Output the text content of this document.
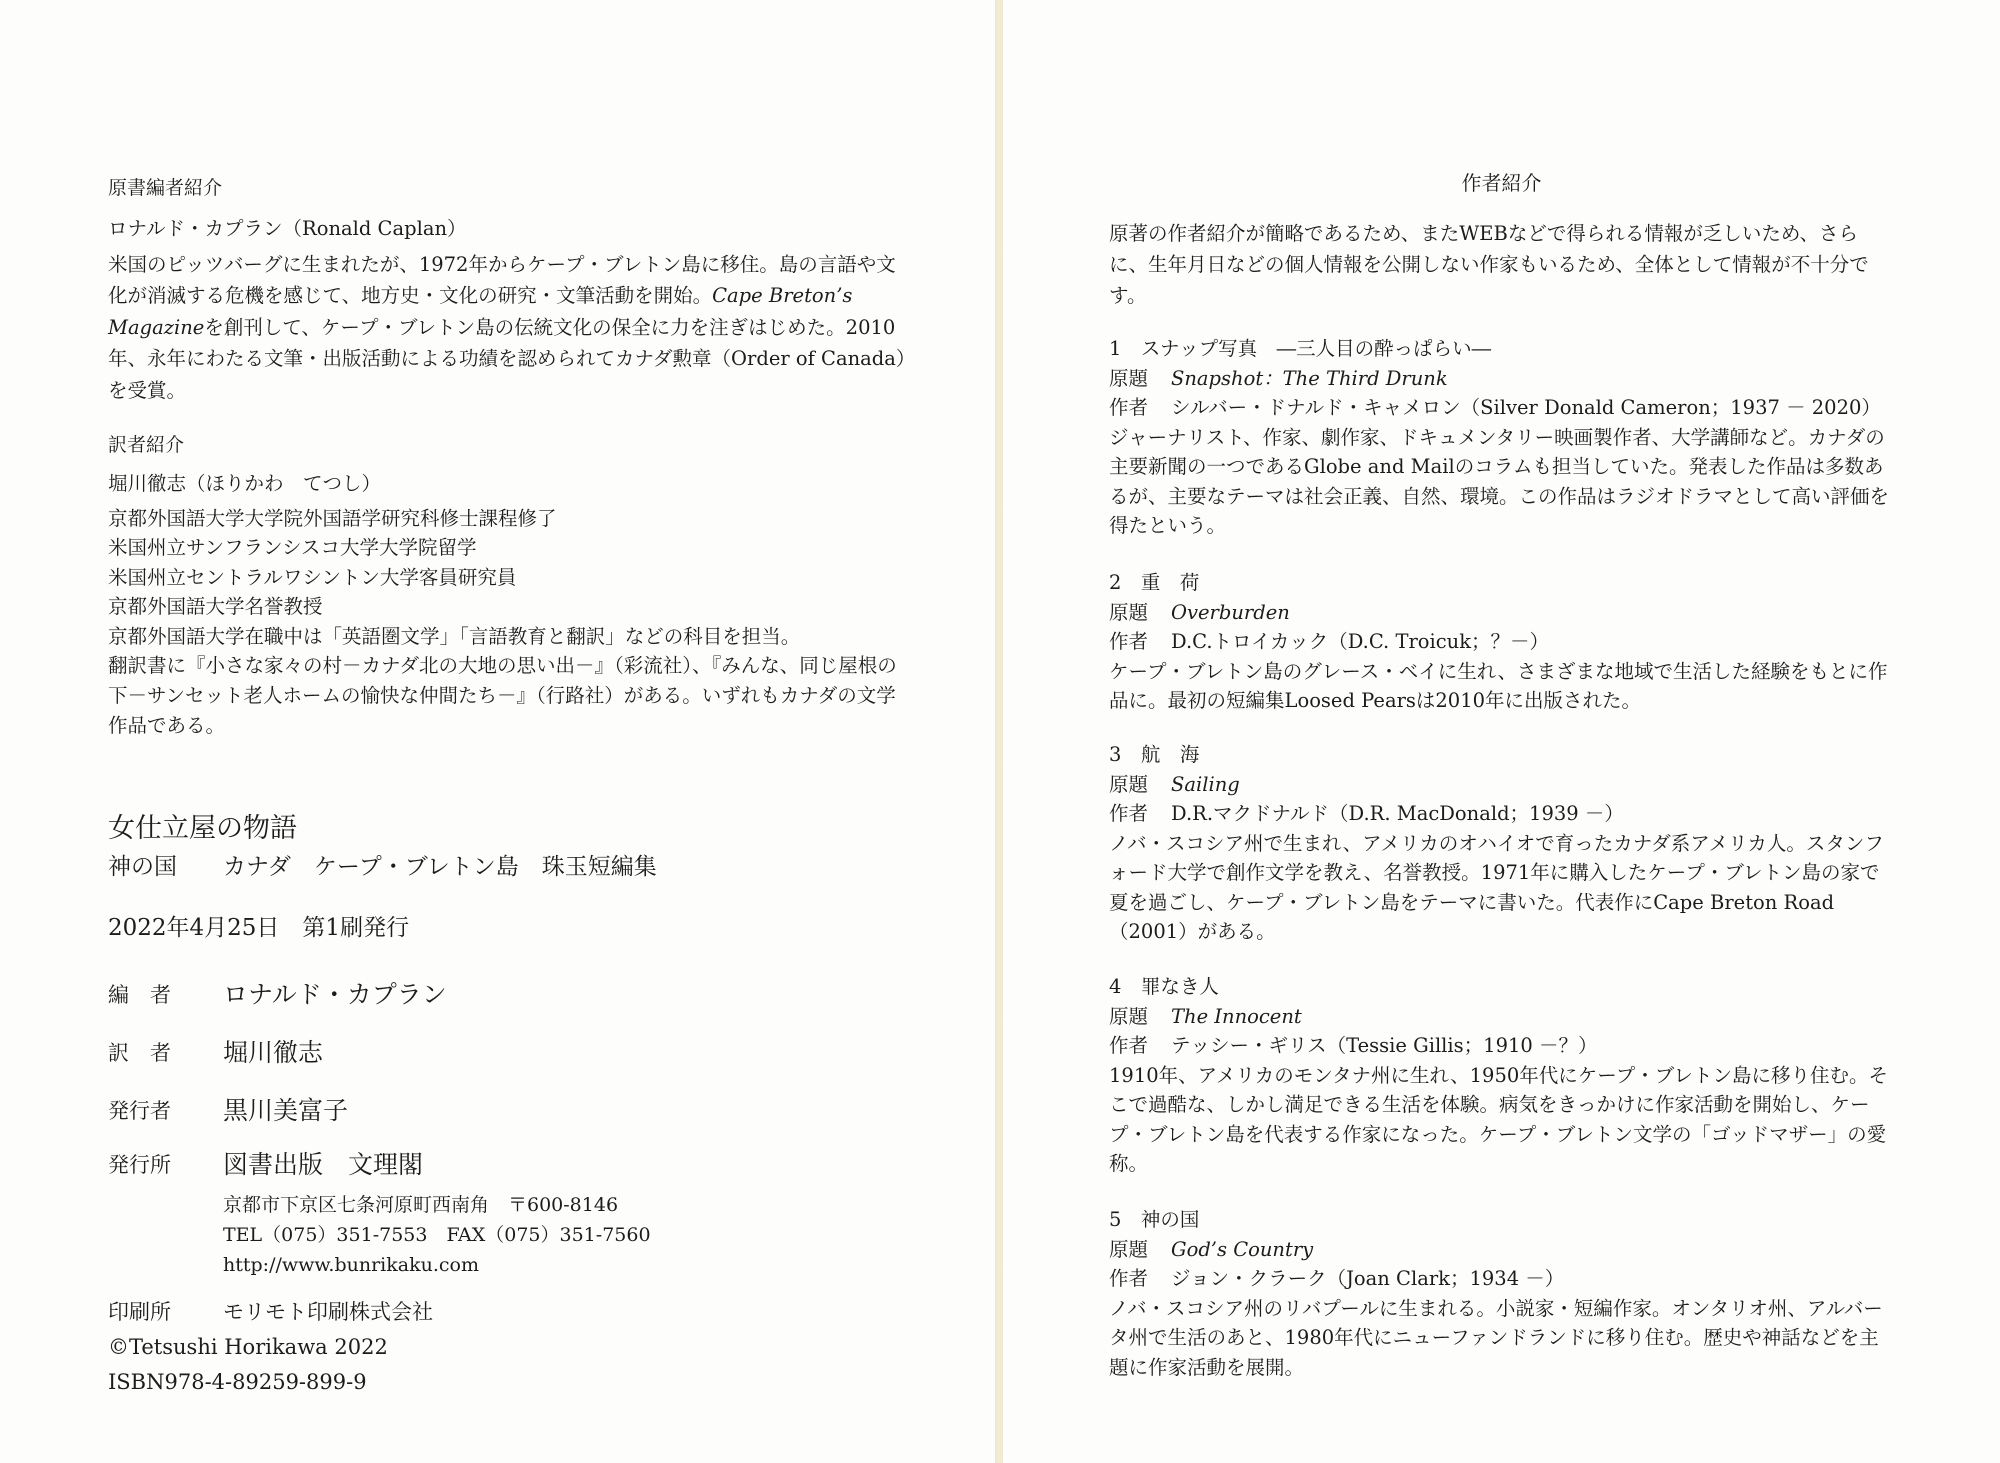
原書編者紹介
ロナルド・カプラン（Ronald Caplan）

米国のピッツバーグに生まれたが、1972年からケープ・ブレトン島に移住。島の言語や文化が消滅する危機を感じて、地方史・文化の研究・文筆活動を開始。Cape Breton’s Magazineを創刊して、ケープ・ブレトン島の伝統文化の保全に力を注ぎはじめた。2010年、永年にわたる文筆・出版活動による功績を認められてカナダ勲章（Order of Canada）を受賞。

訳者紹介
堀川徹志（ほりかわ　てつし）
京都外国語大学大学院外国語学研究科修士課程修了
米国州立サンフランシスコ大学大学院留学
米国州立セントラルワシントン大学客員研究員
京都外国語大学名誉教授
京都外国語大学在職中は「英語圏文学」「言語教育と翻訳」などの科目を担当。

翻訳書に『小さな家々の村－カナダ北の大地の思い出－』（彩流社）、『みんな、同じ屋根の下－サンセット老人ホームの愉快な仲間たち－』（行路社）がある。いずれもカナダの文学作品である。

女仕立屋の物語
神の国　　カナダ　ケープ・ブレトン島　珠玉短編集
2022年4月25日　第1刷発行
編　者	ロナルド・カプラン
訳　者	堀川徹志
発行者	黒川美富子
発行所	図書出版　文理閣
京都市下京区七条河原町西南角　〒600-8146
TEL（075）351-7553　FAX（075）351-7560
http://www.bunrikaku.com
印刷所	モリモト印刷株式会社
©Tetsushi Horikawa 2022
ISBN978-4-89259-899-9
作者紹介

原著の作者紹介が簡略であるため、またWEBなどで得られる情報が乏しいため、さらに、生年月日などの個人情報を公開しない作家もいるため、全体として情報が不十分です。

1　スナップ写真　―三人目の酔っぱらい―
原題 Snapshot：The Third Drunk
作者 シルバー・ドナルド・キャメロン（Silver Donald Cameron；1937 － 2020）

ジャーナリスト、作家、劇作家、ドキュメンタリー映画製作者、大学講師など。カナダの主要新聞の一つであるGlobe and Mailのコラムも担当していた。発表した作品は多数あるが、主要なテーマは社会正義、自然、環境。この作品はラジオドラマとして高い評価を得たという。

2　重　荷
原題 Overburden
作者 D.C.トロイカック（D.C. Troicuk；？－）

ケープ・ブレトン島のグレース・ベイに生れ、さまざまな地域で生活した経験をもとに作品に。最初の短編集Loosed Pearsは2010年に出版された。

3　航　海
原題 Sailing
作者 D.R.マクドナルド（D.R. MacDonald；1939 －）

ノバ・スコシア州で生まれ、アメリカのオハイオで育ったカナダ系アメリカ人。スタンフォード大学で創作文学を教え、名誉教授。1971年に購入したケープ・ブレトン島の家で夏を過ごし、ケープ・ブレトン島をテーマに書いた。代表作にCape Breton Road（2001）がある。

4　罪なき人
原題 The Innocent
作者 テッシー・ギリス（Tessie Gillis；1910 －？）

1910年、アメリカのモンタナ州に生れ、1950年代にケープ・ブレトン島に移り住む。そこで過酷な、しかし満足できる生活を体験。病気をきっかけに作家活動を開始し、ケープ・ブレトン島を代表する作家になった。ケープ・ブレトン文学の「ゴッドマザー」の愛称。

5　神の国
原題 God’s Country
作者 ジョン・クラーク（Joan Clark；1934 －）

ノバ・スコシア州のリバプールに生まれる。小説家・短編作家。オンタリオ州、アルバータ州で生活のあと、1980年代にニューファンドランドに移り住む。歴史や神話などを主題に作家活動を展開。
